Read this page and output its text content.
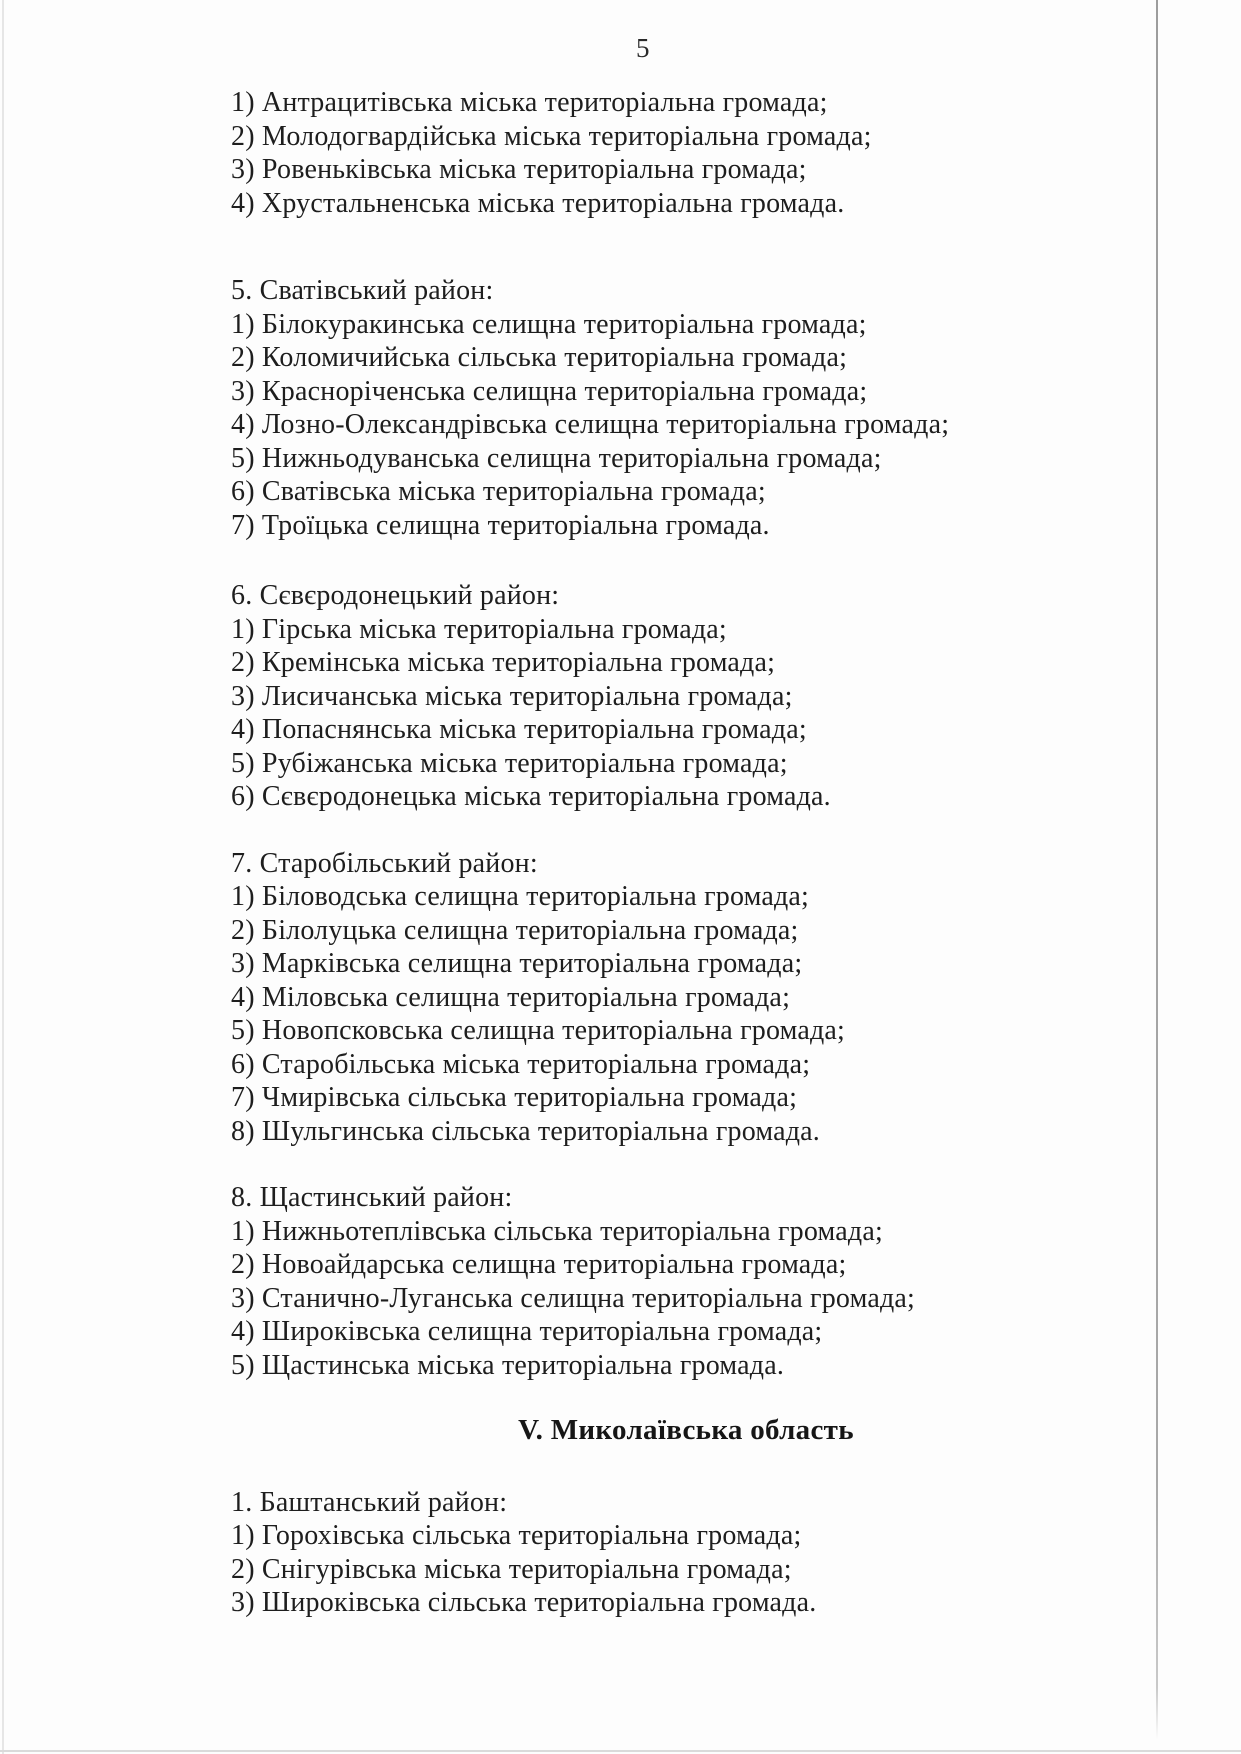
5
1) Антрацитівська міська територіальна громада;
2) Молодогвардійська міська територіальна громада;
3) Ровеньківська міська територіальна громада;
4) Хрустальненська міська територіальна громада.
5. Сватівський район:
1) Білокуракинська селищна територіальна громада;
2) Коломичийська сільська територіальна громада;
3) Красноріченська селищна територіальна громада;
4) Лозно-Олександрівська селищна територіальна громада;
5) Нижньодуванська селищна територіальна громада;
6) Сватівська міська територіальна громада;
7) Троїцька селищна територіальна громада.
6. Сєвєродонецький район:
1) Гірська міська територіальна громада;
2) Кремінська міська територіальна громада;
3) Лисичанська міська територіальна громада;
4) Попаснянська міська територіальна громада;
5) Рубіжанська міська територіальна громада;
6) Сєвєродонецька міська територіальна громада.
7. Старобільський район:
1) Біловодська селищна територіальна громада;
2) Білолуцька селищна територіальна громада;
3) Марківська селищна територіальна громада;
4) Міловська селищна територіальна громада;
5) Новопсковська селищна територіальна громада;
6) Старобільська міська територіальна громада;
7) Чмирівська сільська територіальна громада;
8) Шульгинська сільська територіальна громада.
8. Щастинський район:
1) Нижньотеплівська сільська територіальна громада;
2) Новоайдарська селищна територіальна громада;
3) Станично-Луганська селищна територіальна громада;
4) Широківська селищна територіальна громада;
5) Щастинська міська територіальна громада.
V. Миколаївська область
1. Баштанський район:
1) Горохівська сільська територіальна громада;
2) Снігурівська міська територіальна громада;
3) Широківська сільська територіальна громада.
